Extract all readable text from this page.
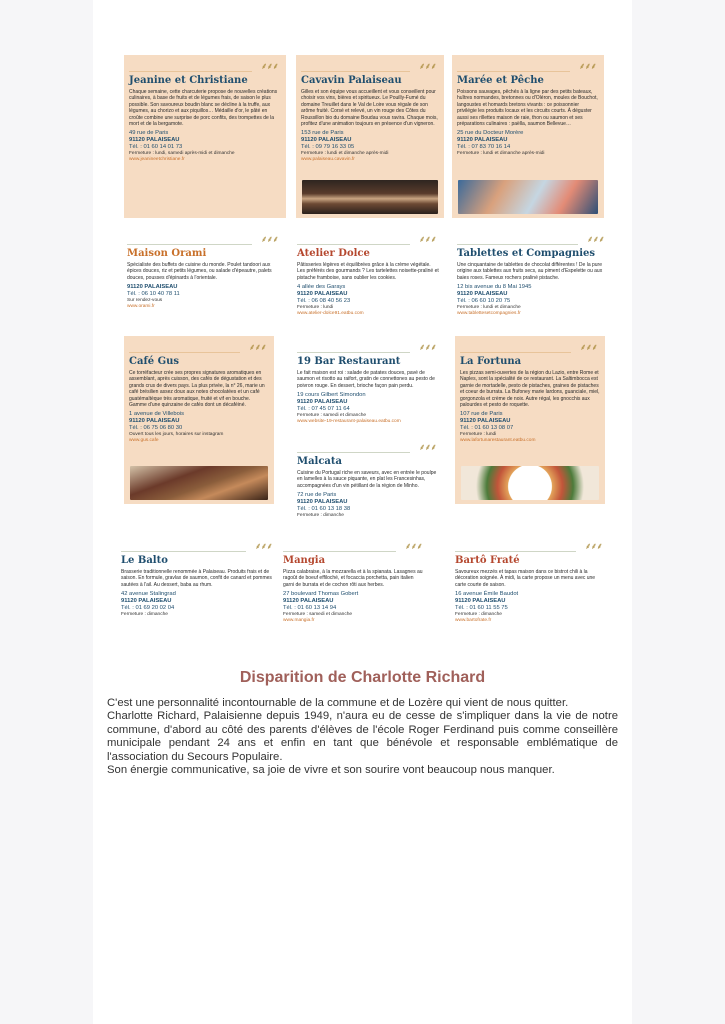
⸙⸙⸙
Jeanine et Christiane
Chaque semaine, cette charcuterie propose de nouvelles créations culinaires, à base de fruits et de légumes frais, de saison le plus possible. Son savoureux boudin blanc se décline à la truffe, aux légumes, au chorizo et aux piquillos… Médaille d'or, le pâté en croûte combine une surprise de porc confits, des trompettes de la mort et de la bergamote.
49 rue de Paris
91120 PALAISEAU
Tél. : 01 60 14 01 73
Fermeture : lundi, samedi après-midi et dimanche
www.jeanineetchristiane.fr
⸙⸙⸙
Cavavin Palaiseau
Gilles et son équipe vous accueillent et vous conseillent pour choisir vos vins, bières et spiritueux. Le Pouilly-Fumé du domaine Treuillet dans le Val de Loire vous régale de son arôme fruité. Corsé et relevé, un vin rouge des Côtes du Roussillon bio du domaine Boudau vous ravira. Chaque mois, profitez d'une animation toujours en présence d'un vigneron.
153 rue de Paris
91120 PALAISEAU
Tél. : 09 79 16 33 05
Fermeture : lundi et dimanche après-midi
www.palaiseau.cavavin.fr
⸙⸙⸙
Marée et Pêche
Poissons sauvages, pêchés à la ligne par des petits bateaux, huîtres normandes, bretonnes ou d'Oléron, moules de Bouchot, langoustes et homards bretons vivants : ce poissonnier privilégie les produits locaux et les circuits courts. À déguster aussi ses rillettes maison de raie, thon ou saumon et ses préparations culinaires : paëlla, saumon Bellevue…
25 rue du Docteur Morère
91120 PALAISEAU
Tél. : 07 83 70 16 14
Fermeture : lundi et dimanche après-midi
⸙⸙⸙
Maison Orami
Spécialiste des buffets de cuisine du monde. Poulet tandoori aux épices douces, riz et petits légumes, ou salade d'épeautre, palets douces, pousses d'épinards à l'orientale.
91120 PALAISEAU
Tél. : 06 10 40 78 11
Sur rendez-vous
www.orami.fr
⸙⸙⸙
Atelier Dolce
Pâtisseries légères et équilibrées grâce à la crème végétale. Les préférés des gourmands ? Les tartelettes noisette-praliné et pistache framboise, sans oublier les cookies.
4 allée des Garays
91120 PALAISEAU
Tél. : 06 08 40 56 23
Fermeture : lundi
www.atelier-dolce91.eatbu.com
⸙⸙⸙
Tablettes et Compagnies
Une cinquantaine de tablettes de chocolat différentes ! De la pure origine aux tablettes aux fruits secs, au piment d'Espelette ou aux baies roses. Fameux rochers praliné pistache.
12 bis avenue du 8 Mai 1945
91120 PALAISEAU
Tél. : 06 60 10 20 75
Fermeture : lundi et dimanche
www.tablettesetcompagnies.fr
⸙⸙⸙
Café Gus
Ce torréfacteur crée ses propres signatures aromatiques en assemblant, après cuisson, des cafés de dégustation et des grands crus de divers pays. La plus privée, la n° 26, marie un café brésilien assez doux aux notes chocolatées et un café guatémaltèque très aromatique, fruité et vif en bouche. Gamme d'une quinzaine de cafés dont un décaféiné.
1 avenue de Villebois
91120 PALAISEAU
Tél. : 06 75 06 80 30
Ouvert tous les jours, horaires sur instagram
www.gus.cafe
⸙⸙⸙
19 Bar Restaurant
Le fait maison est roi : salade de patates douces, pavé de saumon et risotto au raifort, gratin de connettones au pesto de poivron rouge. En dessert, brioche façon pain perdu.
19 cours Gilbert Simondon
91120 PALAISEAU
Tél. : 07 45 07 11 64
Fermeture : samedi et dimanche
www.website-19-restaurant-palaiseau.eatbu.com
⸙⸙⸙
La Fortuna
Les pizzas semi-ouvertes de la région du Lazio, entre Rome et Naples, sont la spécialité de ce restaurant. La Saltimbocca est garnie de mortadelle, pesto de pistaches, graines de pistaches et coeur de burrata. La Bufoney marie lardons, guanciale, miel, gorgonzola et crème de noix. Autre régal, les gnocchis aux palourdes et pesto de roquette.
107 rue de Paris
91120 PALAISEAU
Tél. : 01 60 13 08 07
Fermeture : lundi
www.lafortunarestaurant.eatbu.com
⸙⸙⸙
Malcata
Cuisine du Portugal riche en saveurs, avec en entrée le poulpe en lamelles à la sauce piquante, en plat les Francesinhas, accompagnées d'un vin pétillant de la région de Minho.
72 rue de Paris
91120 PALAISEAU
Tél. : 01 60 13 18 38
Fermeture : dimanche
⸙⸙⸙
Le Balto
Brasserie traditionnelle renommée à Palaiseau. Produits frais et de saison. En formule, gravlax de saumon, confit de canard et pommes sautées à l'ail. Au dessert, baba au rhum.
42 avenue Stalingrad
91120 PALAISEAU
Tél. : 01 69 20 02 04
Fermeture : dimanche
⸙⸙⸙
Mangia
Pizza calabraise, à la mozzarella et à la spianata. Lasagnes au ragoût de boeuf effiloché, et focaccia porchetta, pain italien garni de burrata et de cochon rôti aux herbes.
27 boulevard Thomas Gobert
91120 PALAISEAU
Tél. : 01 60 13 14 94
Fermeture : samedi et dimanche
www.mangia.fr
⸙⸙⸙
Bartô Fraté
Savoureux mezzés et tapas maison dans ce bistrot chili à la décoration soignée. À midi, la carte propose un menu avec une carte courte de saison.
16 avenue Émile Baudot
91120 PALAISEAU
Tél. : 01 60 11 55 75
Fermeture : dimanche
www.bartofrate.fr
Disparition de Charlotte Richard

C'est une personnalité incontournable de la commune et de Lozère qui vient de nous quitter.

Charlotte Richard, Palaisienne depuis 1949, n'aura eu de cesse de s'impliquer dans la vie de notre commune, d'abord au côté des parents d'élèves de l'école Roger Ferdinand puis comme conseillère municipale pendant 24 ans et enfin en tant que bénévole et responsable emblématique de l'association du Secours Populaire.

Son énergie communicative, sa joie de vivre et son sourire vont beaucoup nous manquer.
